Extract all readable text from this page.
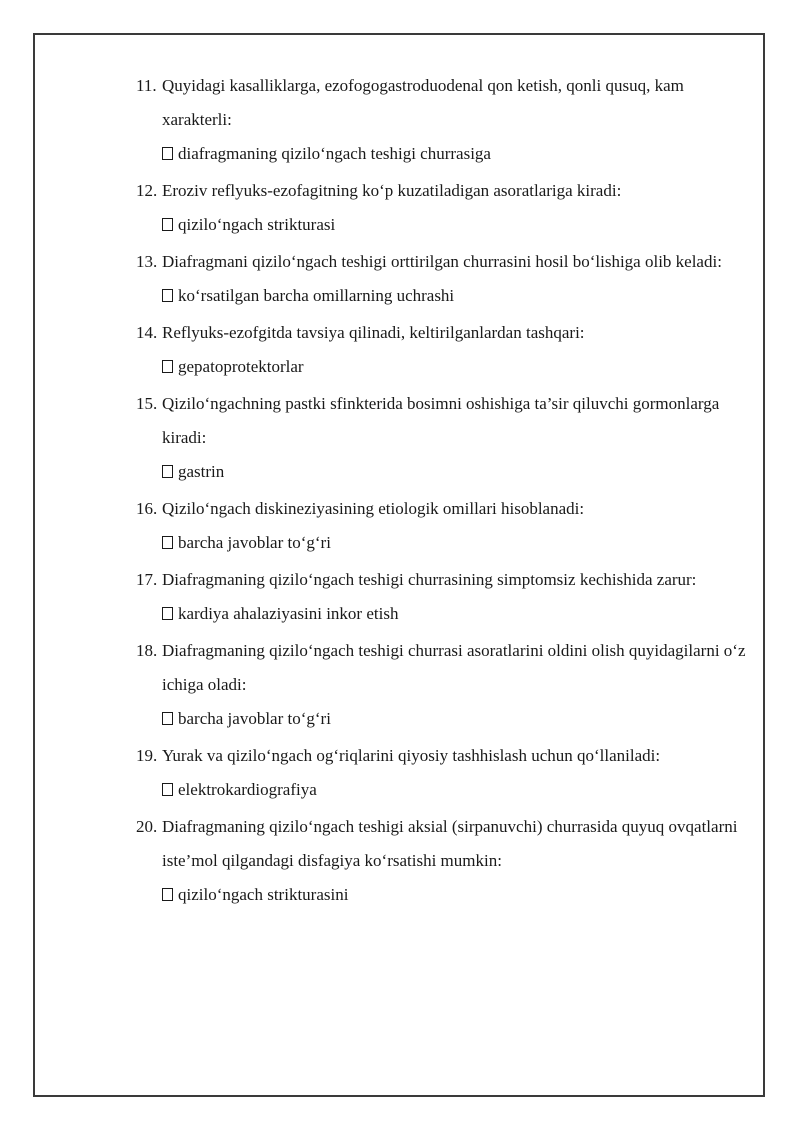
11. Quyidagi kasalliklarga, ezofogogastroduodenal qon ketish, qonli qusuq, kam xarakterli:

diafragmaning qizilo‘ngach teshigi churrasiga

12. Eroziv reflyuks-ezofagitning ko‘p kuzatiladigan asoratlariga kiradi:

qizilo‘ngach strikturasi

13. Diafragmani qizilo‘ngach teshigi orttirilgan churrasini hosil bo‘lishiga olib keladi:

ko‘rsatilgan barcha omillarning uchrashi

14. Reflyuks-ezofgitda tavsiya qilinadi, keltirilganlardan tashqari:

gepatoprotektorlar

15. Qizilo‘ngachning pastki sfinkterida bosimni oshishiga ta’sir qiluvchi gormonlarga kiradi:

gastrin

16. Qizilo‘ngach diskineziyasining etiologik omillari hisoblanadi:

barcha javoblar to‘g‘ri

17. Diafragmaning qizilo‘ngach teshigi churrasining simptomsiz kechishida zarur:

kardiya ahalaziyasini inkor etish

18. Diafragmaning qizilo‘ngach teshigi churrasi asoratlarini oldini olish quyidagilarni o‘z ichiga oladi:

barcha javoblar to‘g‘ri

19. Yurak va qizilo‘ngach og‘riqlarini qiyosiy tashhislash uchun qo‘llaniladi:

elektrokardiografiya

20. Diafragmaning qizilo‘ngach teshigi aksial (sirpanuvchi) churrasida quyuq ovqatlarni iste’mol qilgandagi disfagiya ko‘rsatishi mumkin:

qizilo‘ngach strikturasini
